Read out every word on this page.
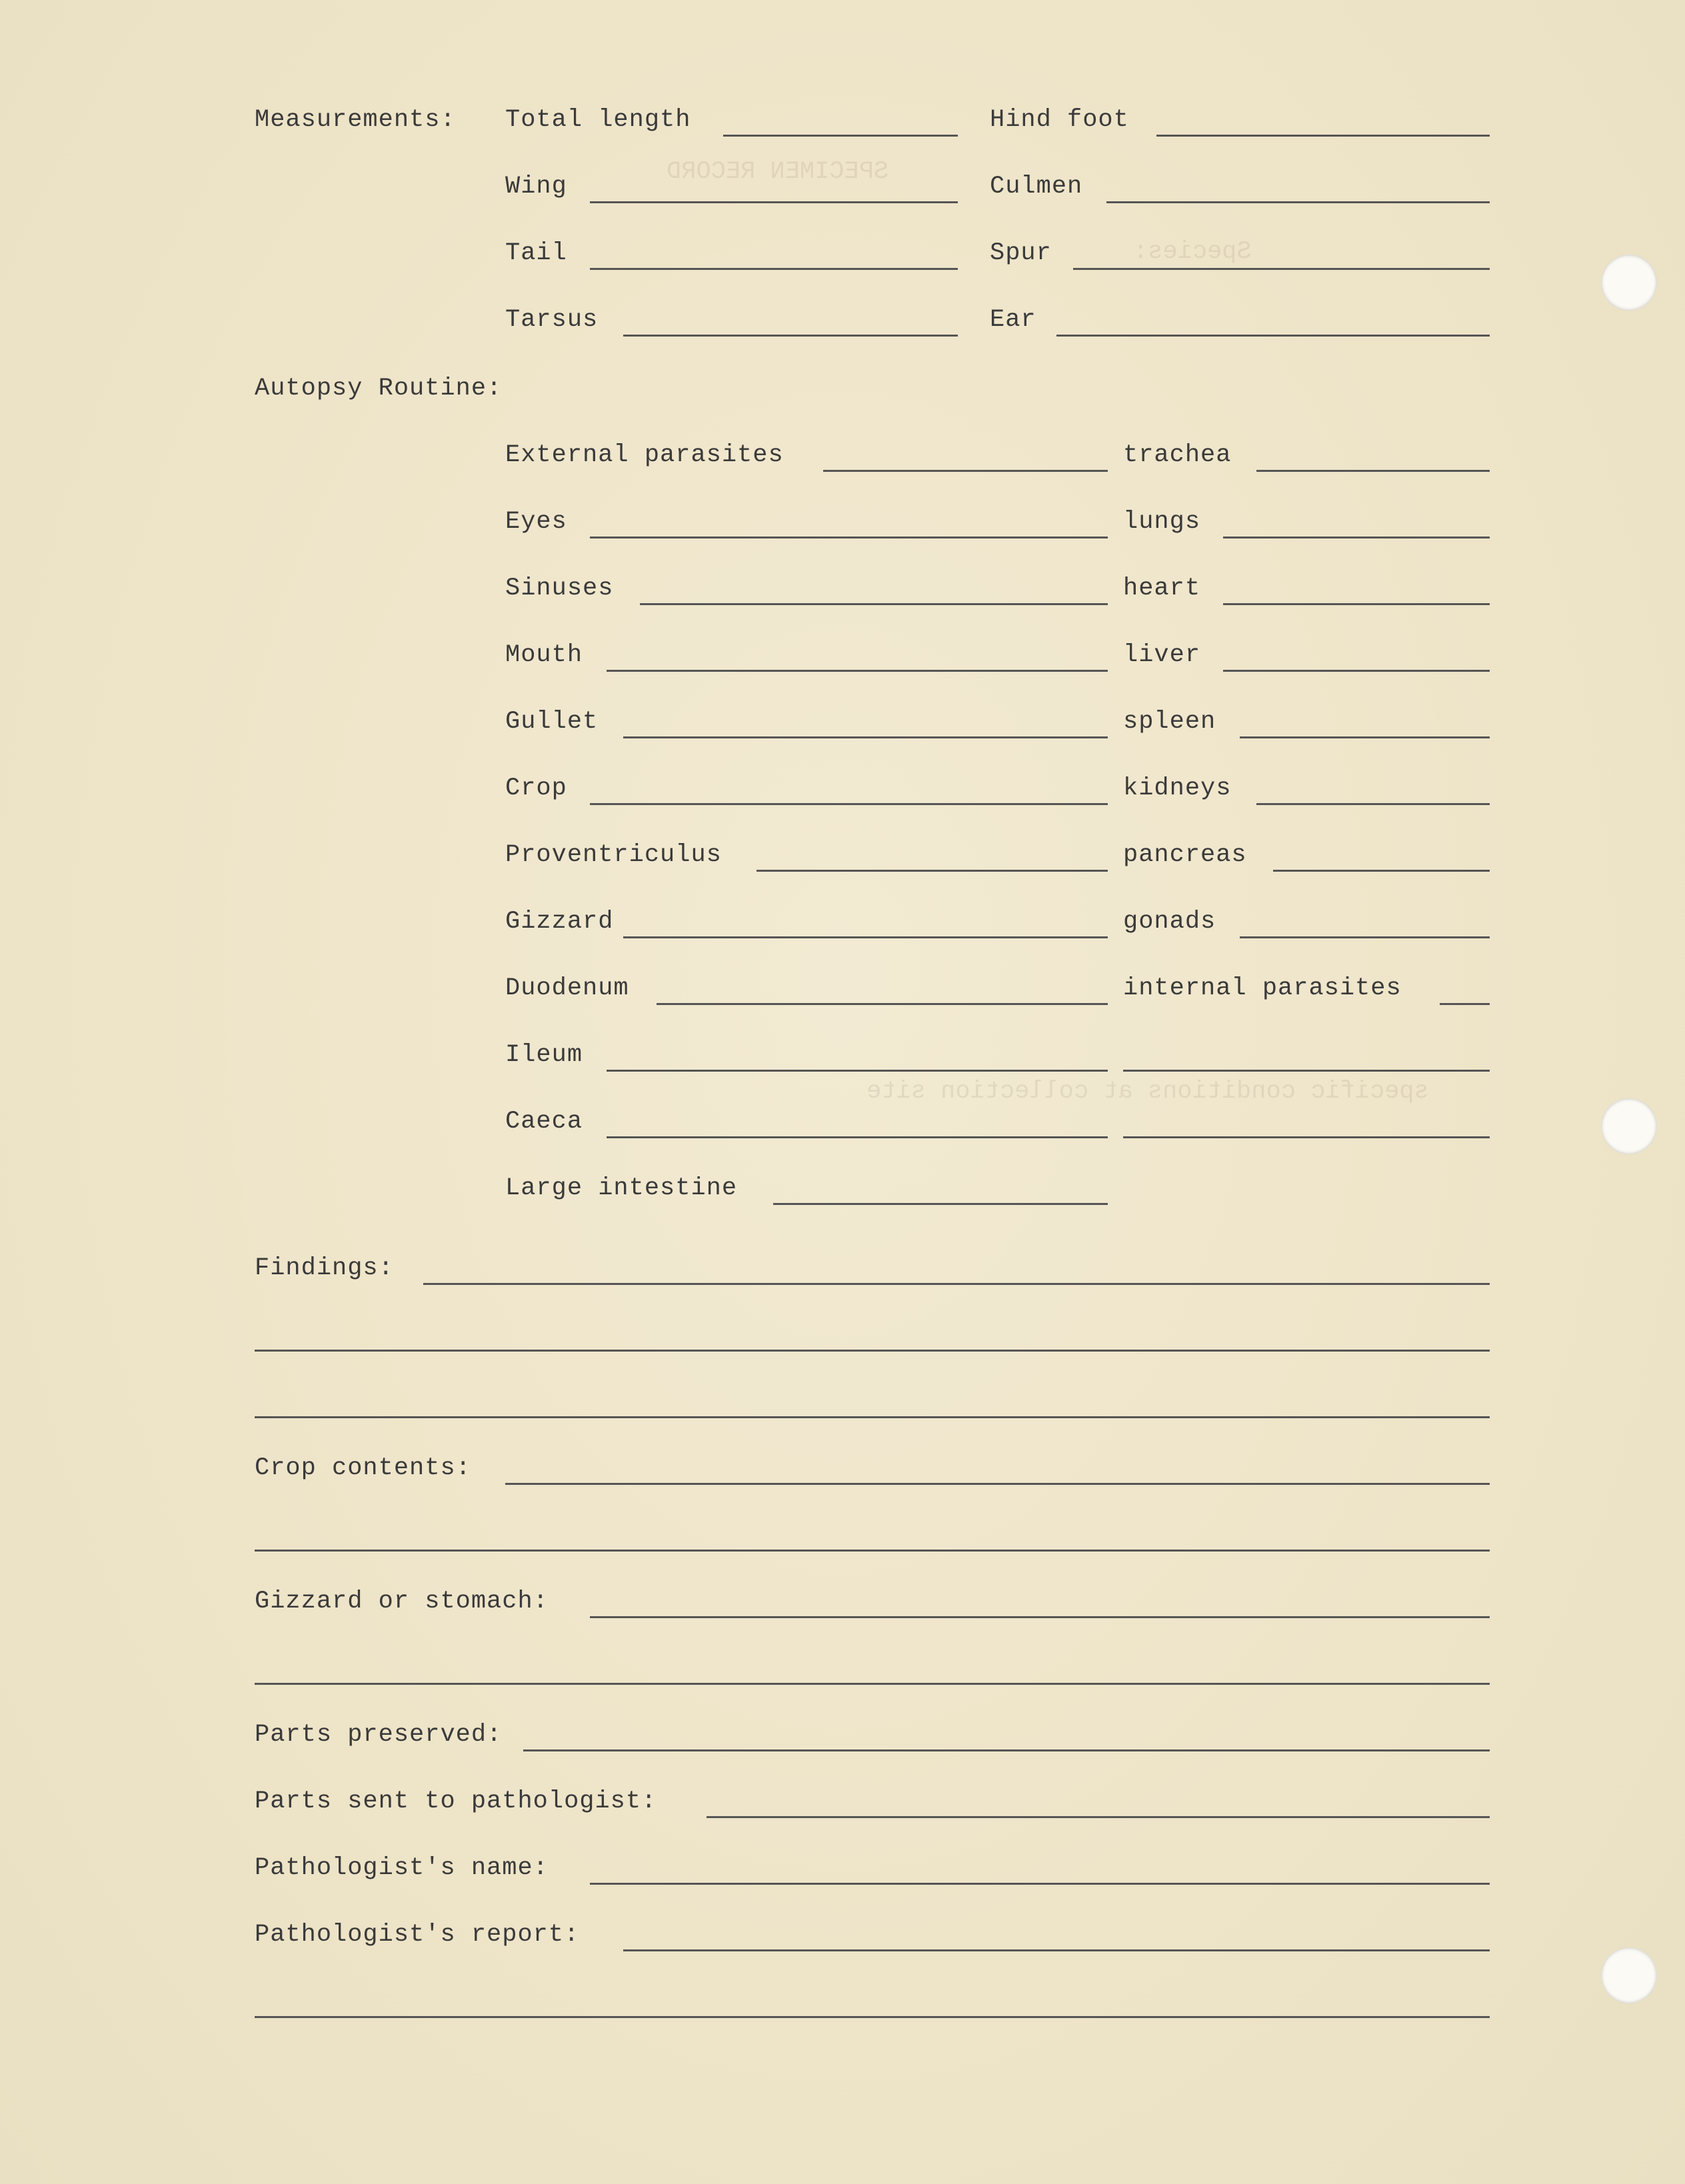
SPECIMEN RECORD
Species:
specific conditions at collection site
Measurements: Total length	Hind foot
Wing	Culmen
Tail	Spur
Tarsus	Ear
Autopsy Routine:
External parasites	trachea
Eyes	lungs
Sinuses	heart
Mouth	liver
Gullet	spleen
Crop	kidneys
Proventriculus	pancreas
Gizzard	gonads
Duodenum	internal parasites
Ileum
Caeca
Large intestine
Findings:
Crop contents:
Gizzard or stomach:
Parts preserved:
Parts sent to pathologist:
Pathologist's name:
Pathologist's report:
